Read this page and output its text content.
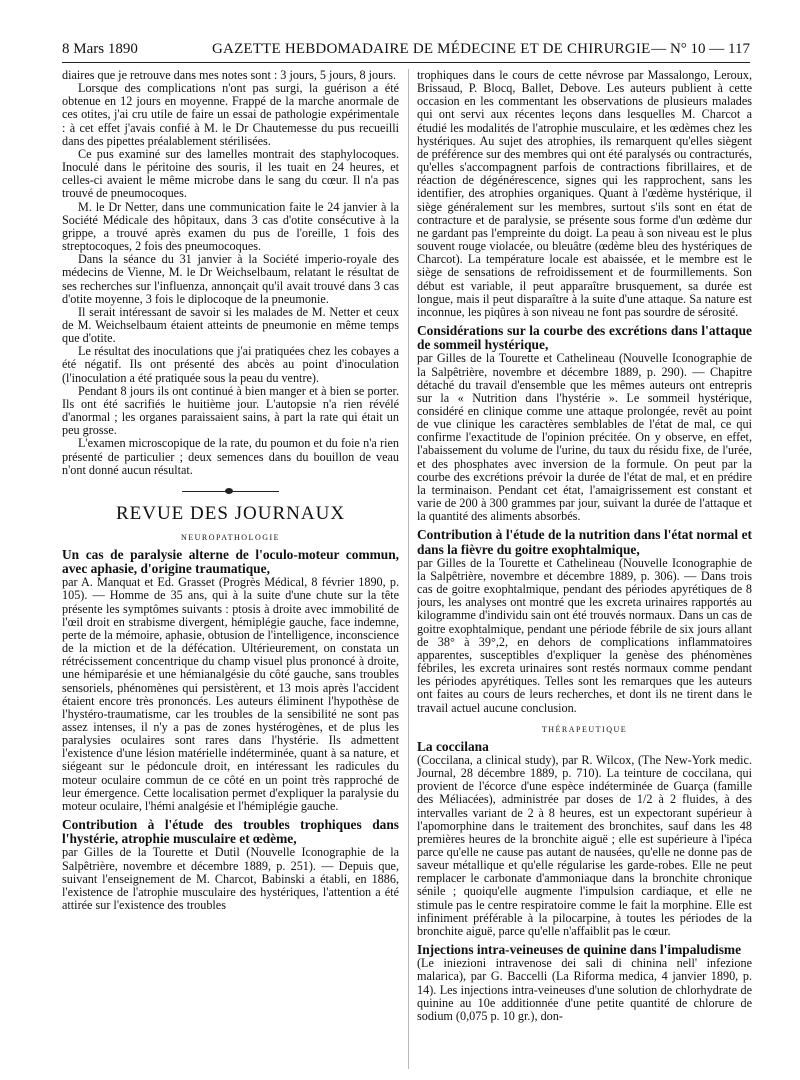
8 Mars 1890	GAZETTE HEBDOMADAIRE DE MÉDECINE ET DE CHIRURGIE — N° 10 — 117

diaires que je retrouve dans mes notes sont : 3 jours, 5 jours, 8 jours.

Lorsque des complications n'ont pas surgi, la guérison a été obtenue en 12 jours en moyenne. Frappé de la marche anormale de ces otites, j'ai cru utile de faire un essai de pathologie expérimentale : à cet effet j'avais confié à M. le Dr Chautemesse du pus recueilli dans des pipettes préalablement stérilisées.

Ce pus examiné sur des lamelles montrait des staphylocoques. Inoculé dans le péritoine des souris, il les tuait en 24 heures, et celles-ci avaient le même microbe dans le sang du cœur. Il n'a pas trouvé de pneumocoques.

M. le Dr Netter, dans une communication faite le 24 janvier à la Société Médicale des hôpitaux, dans 3 cas d'otite consécutive à la grippe, a trouvé après examen du pus de l'oreille, 1 fois des streptocoques, 2 fois des pneumocoques.

Dans la séance du 31 janvier à la Société imperio-royale des médecins de Vienne, M. le Dr Weichselbaum, relatant le résultat de ses recherches sur l'influenza, annonçait qu'il avait trouvé dans 3 cas d'otite moyenne, 3 fois le diplocoque de la pneumonie.

Il serait intéressant de savoir si les malades de M. Netter et ceux de M. Weichselbaum étaient atteints de pneumonie en même temps que d'otite.

Le résultat des inoculations que j'ai pratiquées chez les cobayes a été négatif. Ils ont présenté des abcès au point d'inoculation (l'inoculation a été pratiquée sous la peau du ventre).

Pendant 8 jours ils ont continué à bien manger et à bien se porter. Ils ont été sacrifiés le huitième jour. L'autopsie n'a rien révélé d'anormal ; les organes paraissaient sains, à part la rate qui était un peu grosse.

L'examen microscopique de la rate, du poumon et du foie n'a rien présenté de particulier ; deux semences dans du bouillon de veau n'ont donné aucun résultat.

REVUE DES JOURNAUX
NEUROPATHOLOGIE
Un cas de paralysie alterne de l'oculo-moteur commun, avec aphasie, d'origine traumatique,

par A. Manquat et Ed. Grasset (Progrès Médical, 8 février 1890, p. 105). — Homme de 35 ans, qui à la suite d'une chute sur la tête présente les symptômes suivants : ptosis à droite avec immobilité de l'œil droit en strabisme divergent, hémiplégie gauche, face indemne, perte de la mémoire, aphasie, obtusion de l'intelligence, inconscience de la miction et de la défécation. Ultérieurement, on constata un rétrécissement concentrique du champ visuel plus prononcé à droite, une hémiparésie et une hémianalgésie du côté gauche, sans troubles sensoriels, phénomènes qui persistèrent, et 13 mois après l'accident étaient encore très prononcés. Les auteurs éliminent l'hypothèse de l'hystéro-traumatisme, car les troubles de la sensibilité ne sont pas assez intenses, il n'y a pas de zones hystérogènes, et de plus les paralysies oculaires sont rares dans l'hystérie. Ils admettent l'existence d'une lésion matérielle indéterminée, quant à sa nature, et siégeant sur le pédoncule droit, en intéressant les radicules du moteur oculaire commun de ce côté en un point très rapproché de leur émergence. Cette localisation permet d'expliquer la paralysie du moteur oculaire, l'hémi analgésie et l'hémiplégie gauche.

Contribution à l'étude des troubles trophiques dans l'hystérie, atrophie musculaire et œdème,

par Gilles de la Tourette et Dutil (Nouvelle Iconographie de la Salpêtrière, novembre et décembre 1889, p. 251). — Depuis que, suivant l'enseignement de M. Charcot, Babinski a établi, en 1886, l'existence de l'atrophie musculaire des hystériques, l'attention a été attirée sur l'existence des troubles

trophiques dans le cours de cette névrose par Massalongo, Leroux, Brissaud, P. Blocq, Ballet, Debove. Les auteurs publient à cette occasion en les commentant les observations de plusieurs malades qui ont servi aux récentes leçons dans lesquelles M. Charcot a étudié les modalités de l'atrophie musculaire, et les œdèmes chez les hystériques. Au sujet des atrophies, ils remarquent qu'elles siègent de préférence sur des membres qui ont été paralysés ou contracturés, qu'elles s'accompagnent parfois de contractions fibrillaires, et de réaction de dégénérescence, signes qui les rapprochent, sans les identifier, des atrophies organiques. Quant à l'œdème hystérique, il siège généralement sur les membres, surtout s'ils sont en état de contracture et de paralysie, se présente sous forme d'un œdème dur ne gardant pas l'empreinte du doigt. La peau à son niveau est le plus souvent rouge violacée, ou bleuâtre (œdème bleu des hystériques de Charcot). La température locale est abaissée, et le membre est le siège de sensations de refroidissement et de fourmillements. Son début est variable, il peut apparaître brusquement, sa durée est longue, mais il peut disparaître à la suite d'une attaque. Sa nature est inconnue, les piqûres à son niveau ne font pas sourdre de sérosité.

Considérations sur la courbe des excrétions dans l'attaque de sommeil hystérique,

par Gilles de la Tourette et Cathelineau (Nouvelle Iconographie de la Salpêtrière, novembre et décembre 1889, p. 290). — Chapitre détaché du travail d'ensemble que les mêmes auteurs ont entrepris sur la « Nutrition dans l'hystérie ». Le sommeil hystérique, considéré en clinique comme une attaque prolongée, revêt au point de vue clinique les caractères semblables de l'état de mal, ce qui confirme l'exactitude de l'opinion précitée. On y observe, en effet, l'abaissement du volume de l'urine, du taux du résidu fixe, de l'urée, et des phosphates avec inversion de la formule. On peut par la courbe des excrétions prévoir la durée de l'état de mal, et en prédire la terminaison. Pendant cet état, l'amaigrissement est constant et varie de 200 à 300 grammes par jour, suivant la durée de l'attaque et la quantité des aliments absorbés.

Contribution à l'étude de la nutrition dans l'état normal et dans la fièvre du goitre exophtalmique,

par Gilles de la Tourette et Cathelineau (Nouvelle Iconographie de la Salpêtrière, novembre et décembre 1889, p. 306). — Dans trois cas de goitre exophtalmique, pendant des périodes apyrétiques de 8 jours, les analyses ont montré que les excreta urinaires rapportés au kilogramme d'individu sain ont été trouvés normaux. Dans un cas de goitre exophtalmique, pendant une période fébrile de six jours allant de 38° à 39°,2, en dehors de complications inflammatoires apparentes, susceptibles d'expliquer la genèse des phénomènes fébriles, les excreta urinaires sont restés normaux comme pendant les périodes apyrétiques. Telles sont les remarques que les auteurs ont faites au cours de leurs recherches, et dont ils ne tirent dans le travail actuel aucune conclusion.

THÉRAPEUTIQUE
La coccilana

(Coccilana, a clinical study), par R. Wilcox, (The New-York medic. Journal, 28 décembre 1889, p. 710). La teinture de coccilana, qui provient de l'écorce d'une espèce indéterminée de Guarça (famille des Méliacées), administrée par doses de 1/2 à 2 fluides, à des intervalles variant de 2 à 8 heures, est un expectorant supérieur à l'apomorphine dans le traitement des bronchites, sauf dans les 48 premières heures de la bronchite aiguë ; elle est supérieure à l'ipéca parce qu'elle ne cause pas autant de nausées, qu'elle ne donne pas de saveur métallique et qu'elle régularise les garde-robes. Elle ne peut remplacer le carbonate d'ammoniaque dans la bronchite chronique sénile ; quoiqu'elle augmente l'impulsion cardiaque, et elle ne stimule pas le centre respiratoire comme le fait la morphine. Elle est infiniment préférable à la pilocarpine, à toutes les périodes de la bronchite aiguë, parce qu'elle n'affaiblit pas le cœur.

Injections intra-veineuses de quinine dans l'impaludisme

(Le iniezioni intravenose dei sali di chinina nell' infezione malarica), par G. Baccelli (La Riforma medica, 4 janvier 1890, p. 14). Les injections intra-veineuses d'une solution de chlorhydrate de quinine au 10e additionnée d'une petite quantité de chlorure de sodium (0,075 p. 10 gr.), don-
